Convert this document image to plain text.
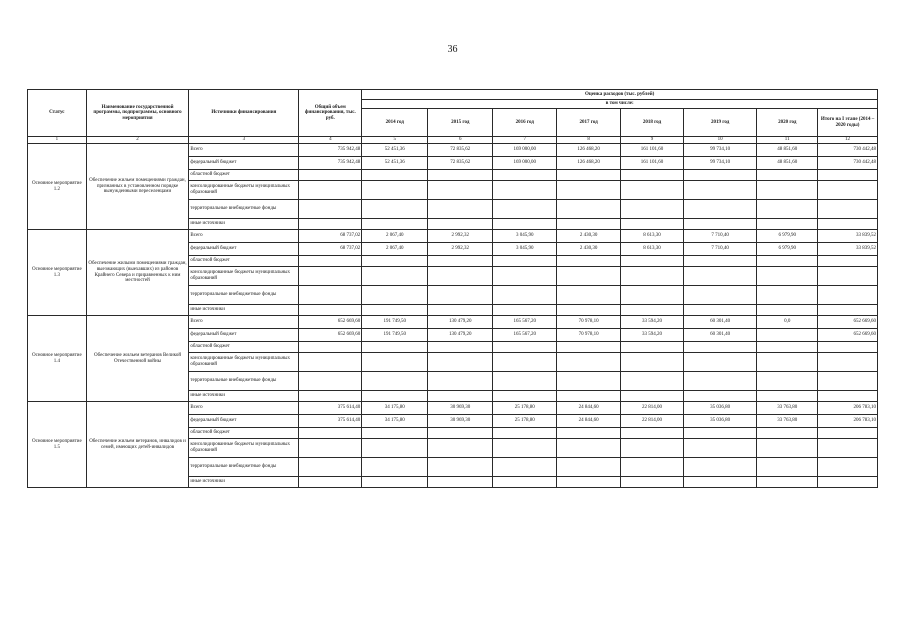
36
Статус	Наименование государственной программы, подпрограммы, основного мероприятия	Источники финансирования	Общий объем финансирования, тыс. руб.	Оценка расходов (тыс. рублей)							
				в том числе:							
				2014 год	2015 год	2016 год	2017 год	2018 год	2019 год	2020 год	Итого на I этапе (2014 – 2020 годы)
1	2	3	4	5	6	7	8	9	10	11	12
Основное мероприятие 1.2	Обеспечение жильем помещениями граждан, признанных в установленном порядке вынужденными переселенцами	Всего	735 942,48	52 451,36	72 835,62	169 000,00	126 468,20	161 101,60	99 734,10	48 851,60	730 442,48
		федеральный бюджет	735 942,48	52 451,36	72 835,62	169 000,00	126 468,20	161 101,60	99 734,10	48 851,60	730 442,48
		областной бюджет									
		консолидированные бюджеты муниципальных образований									
		территориальные внебюджетные фонды									
		иные источники									
Основное мероприятие 1.3	Обеспечение жилыми помещениями граждан, выезжающих (выехавших) из районов Крайнего Севера и приравненных к ним местностей	Всего	68 737,02	2 067,40	2 992,32	3 045,90	2 430,30	8 613,30	7 710,40	6 979,90	33 839,52
		федеральный бюджет	68 737,02	2 067,40	2 992,32	3 045,90	2 430,30	8 613,30	7 710,40	6 979,90	33 839,52
		областной бюджет									
		консолидированные бюджеты муниципальных образований									
		территориальные внебюджетные фонды									
		иные источники									
Основное мероприятие 1.4	Обеспечение жильем ветеранов Великой Отечественной войны	Всего	652 669,60	191 749,50	130 479,20	165 567,20	70 978,10	33 594,20	60 301,40	0,0	652 669,60
		федеральный бюджет	652 669,60	191 749,50	130 479,20	165 567,20	70 978,10	33 594,20	60 301,40		652 669,60
		областной бюджет									
		консолидированные бюджеты муниципальных образований									
		территориальные внебюджетные фонды									
		иные источники									
Основное мероприятие 1.5	Обеспечение жильем ветеранов, инвалидов и семей, имеющих детей-инвалидов	Всего	375 614,40	34 175,80	30 969,30	25 178,80	24 844,60	22 814,00	35 036,80	33 763,80	206 783,10
		федеральный бюджет	375 614,40	34 175,80	30 969,30	25 178,80	24 844,60	22 814,00	35 036,80	33 763,80	206 783,10
		областной бюджет									
		консолидированные бюджеты муниципальных образований									
		территориальные внебюджетные фонды									
		иные источники									
